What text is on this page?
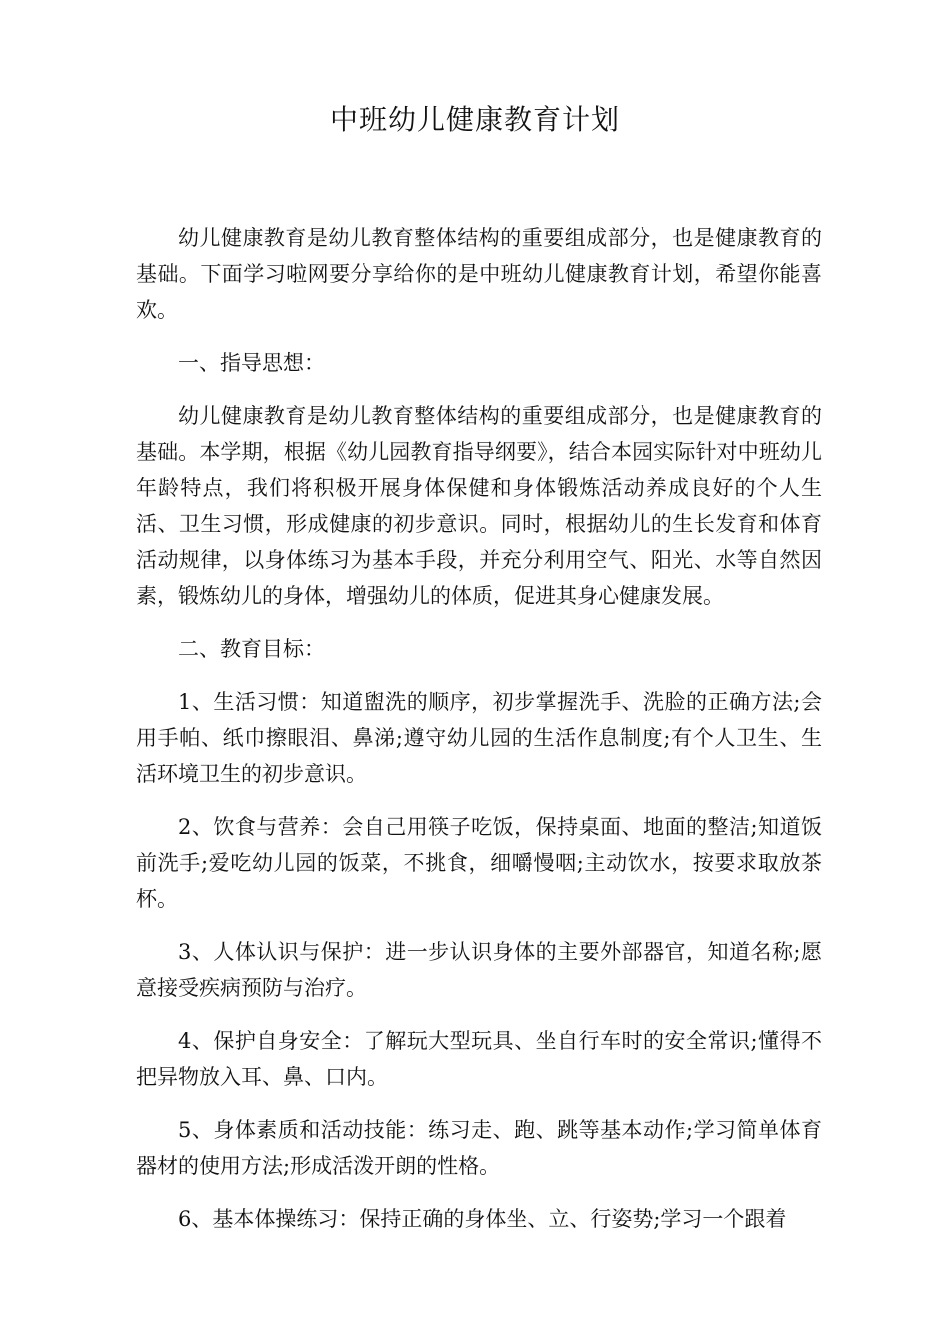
中班幼儿健康教育计划

幼儿健康教育是幼儿教育整体结构的重要组成部分，也是健康教育的基础。下面学习啦网要分享给你的是中班幼儿健康教育计划，希望你能喜欢。

一、指导思想：

幼儿健康教育是幼儿教育整体结构的重要组成部分，也是健康教育的基础。本学期，根据《幼儿园教育指导纲要》，结合本园实际针对中班幼儿年龄特点，我们将积极开展身体保健和身体锻炼活动养成良好的个人生活、卫生习惯，形成健康的初步意识。同时，根据幼儿的生长发育和体育活动规律，以身体练习为基本手段，并充分利用空气、阳光、水等自然因素，锻炼幼儿的身体，增强幼儿的体质，促进其身心健康发展。

二、教育目标：

1、生活习惯：知道盥洗的顺序，初步掌握洗手、洗脸的正确方法;会用手帕、纸巾擦眼泪、鼻涕;遵守幼儿园的生活作息制度;有个人卫生、生活环境卫生的初步意识。

2、饮食与营养：会自己用筷子吃饭，保持桌面、地面的整洁;知道饭前洗手;爱吃幼儿园的饭菜，不挑食，细嚼慢咽;主动饮水，按要求取放茶杯。

3、人体认识与保护：进一步认识身体的主要外部器官，知道名称;愿意接受疾病预防与治疗。

4、保护自身安全：了解玩大型玩具、坐自行车时的安全常识;懂得不把异物放入耳、鼻、口内。

5、身体素质和活动技能：练习走、跑、跳等基本动作;学习简单体育器材的使用方法;形成活泼开朗的性格。

6、基本体操练习：保持正确的身体坐、立、行姿势;学习一个跟着
